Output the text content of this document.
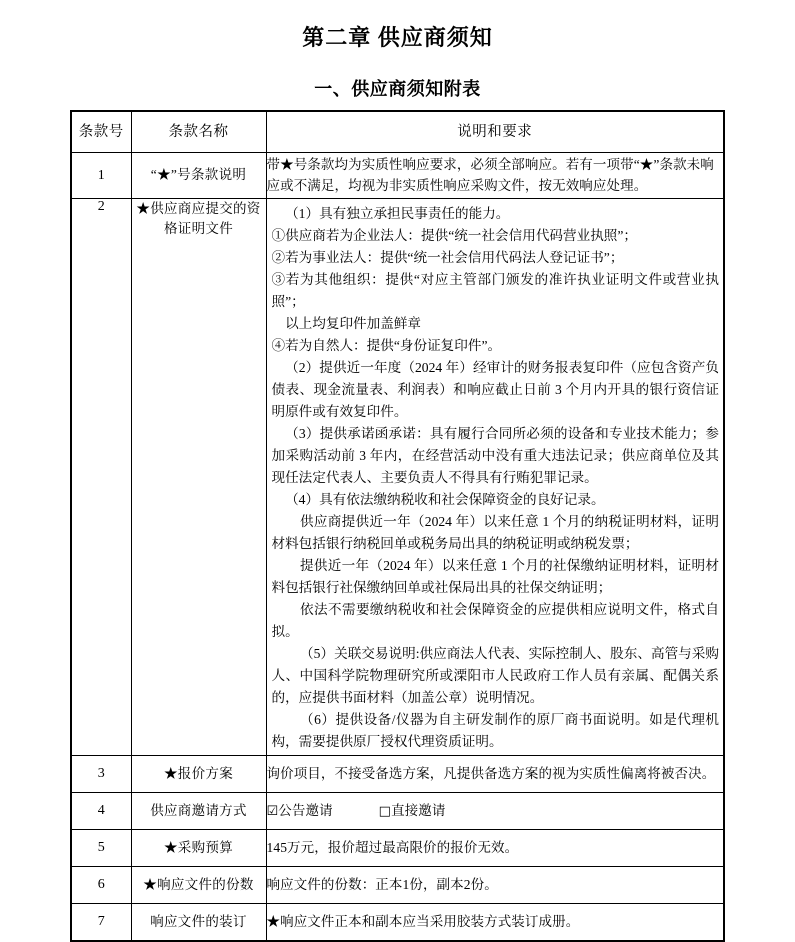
第二章 供应商须知
一、供应商须知附表
条款号	条款名称	说明和要求
1	“★”号条款说明	带★号条款均为实质性响应要求，必须全部响应。若有一项带“★”条款未响应或不满足，均视为非实质性响应采购文件，按无效响应处理。
2	★供应商应提交的资格证明文件	

（1）具有独立承担民事责任的能力。

①供应商若为企业法人：提供“统一社会信用代码营业执照”；

②若为事业法人：提供“统一社会信用代码法人登记证书”；

③若为其他组织：提供“对应主管部门颁发的准许执业证明文件或营业执照”；

以上均复印件加盖鲜章

④若为自然人：提供“身份证复印件”。

（2）提供近一年度（2024 年）经审计的财务报表复印件（应包含资产负债表、现金流量表、利润表）和响应截止日前 3 个月内开具的银行资信证明原件或有效复印件。

（3）提供承诺函承诺：具有履行合同所必须的设备和专业技术能力；参加采购活动前 3 年内，在经营活动中没有重大违法记录；供应商单位及其现任法定代表人、主要负责人不得具有行贿犯罪记录。

（4）具有依法缴纳税收和社会保障资金的良好记录。

供应商提供近一年（2024 年）以来任意 1 个月的纳税证明材料，证明材料包括银行纳税回单或税务局出具的纳税证明或纳税发票；

提供近一年（2024 年）以来任意 1 个月的社保缴纳证明材料，证明材料包括银行社保缴纳回单或社保局出具的社保交纳证明；

依法不需要缴纳税收和社会保障资金的应提供相应说明文件，格式自拟。

（5）关联交易说明:供应商法人代表、实际控制人、股东、高管与采购人、中国科学院物理研究所或溧阳市人民政府工作人员有亲属、配偶关系的，应提供书面材料（加盖公章）说明情况。

（6）提供设备/仪器为自主研发制作的原厂商书面说明。如是代理机构，需要提供原厂授权代理资质证明。

3	★报价方案	询价项目，不接受备选方案，凡提供备选方案的视为实质性偏离将被否决。
4	供应商邀请方式	☑公告邀请 □直接邀请
5	★采购预算	145万元，报价超过最高限价的报价无效。
6	★响应文件的份数	响应文件的份数：正本1份，副本2份。
7	响应文件的装订	★响应文件正本和副本应当采用胶装方式装订成册。
